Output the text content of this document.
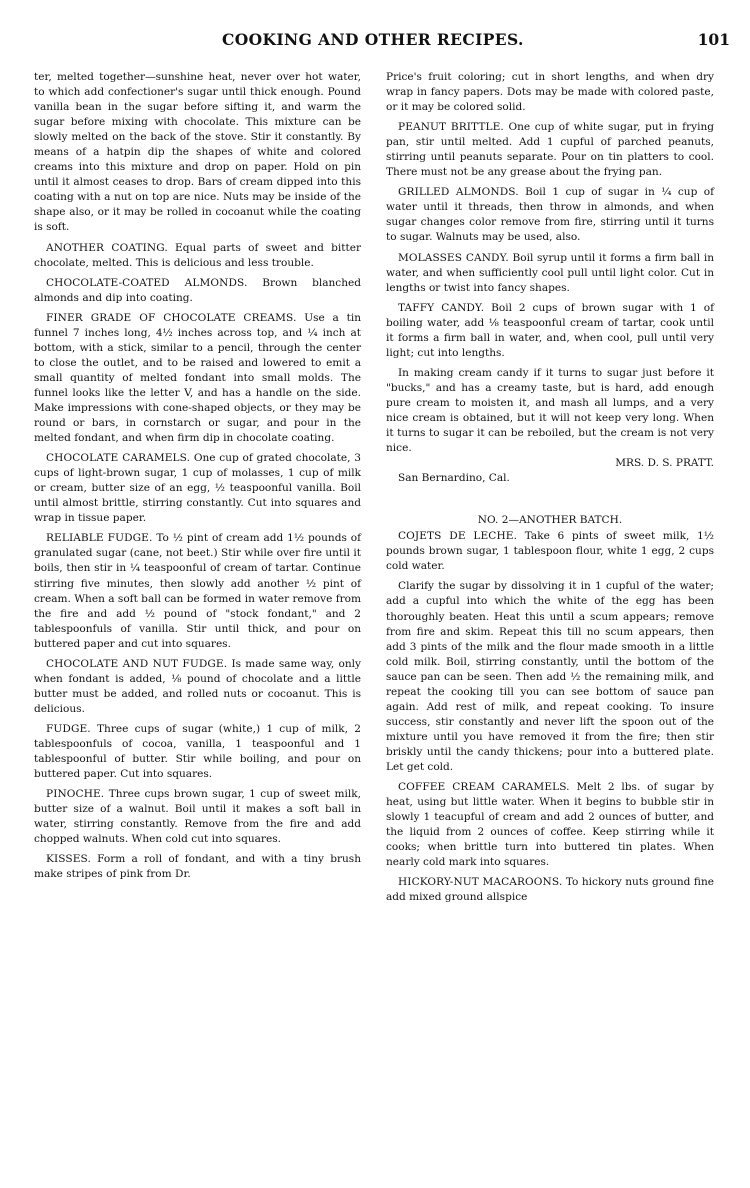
COOKING AND OTHER RECIPES.	101

ter, melted together—sunshine heat, never over hot water, to which add confectioner's sugar until thick enough. Pound vanilla bean in the sugar before sifting it, and warm the sugar before mixing with chocolate. This mixture can be slowly melted on the back of the stove. Stir it constantly. By means of a hatpin dip the shapes of white and colored creams into this mixture and drop on paper. Hold on pin until it almost ceases to drop. Bars of cream dipped into this coating with a nut on top are nice. Nuts may be inside of the shape also, or it may be rolled in cocoanut while the coating is soft.

ANOTHER COATING. Equal parts of sweet and bitter chocolate, melted. This is delicious and less trouble.

CHOCOLATE-COATED ALMONDS. Brown blanched almonds and dip into coating.

FINER GRADE OF CHOCOLATE CREAMS. Use a tin funnel 7 inches long, 4½ inches across top, and ¼ inch at bottom, with a stick, similar to a pencil, through the center to close the outlet, and to be raised and lowered to emit a small quantity of melted fondant into small molds. The funnel looks like the letter V, and has a handle on the side. Make impressions with cone-shaped objects, or they may be round or bars, in cornstarch or sugar, and pour in the melted fondant, and when firm dip in chocolate coating.

CHOCOLATE CARAMELS. One cup of grated chocolate, 3 cups of light-brown sugar, 1 cup of molasses, 1 cup of milk or cream, butter size of an egg, ½ teaspoonful vanilla. Boil until almost brittle, stirring constantly. Cut into squares and wrap in tissue paper.

RELIABLE FUDGE. To ½ pint of cream add 1½ pounds of granulated sugar (cane, not beet.) Stir while over fire until it boils, then stir in ¼ teaspoonful of cream of tartar. Continue stirring five minutes, then slowly add another ½ pint of cream. When a soft ball can be formed in water remove from the fire and add ½ pound of "stock fondant," and 2 tablespoonfuls of vanilla. Stir until thick, and pour on buttered paper and cut into squares.

CHOCOLATE AND NUT FUDGE. Is made same way, only when fondant is added, ⅛ pound of chocolate and a little butter must be added, and rolled nuts or cocoanut. This is delicious.

FUDGE. Three cups of sugar (white,) 1 cup of milk, 2 tablespoonfuls of cocoa, vanilla, 1 teaspoonful and 1 tablespoonful of butter. Stir while boiling, and pour on buttered paper. Cut into squares.

PINOCHE. Three cups brown sugar, 1 cup of sweet milk, butter size of a walnut. Boil until it makes a soft ball in water, stirring constantly. Remove from the fire and add chopped walnuts. When cold cut into squares.

KISSES. Form a roll of fondant, and with a tiny brush make stripes of pink from Dr.

Price's fruit coloring; cut in short lengths, and when dry wrap in fancy papers. Dots may be made with colored paste, or it may be colored solid.

PEANUT BRITTLE. One cup of white sugar, put in frying pan, stir until melted. Add 1 cupful of parched peanuts, stirring until peanuts separate. Pour on tin platters to cool. There must not be any grease about the frying pan.

GRILLED ALMONDS. Boil 1 cup of sugar in ¼ cup of water until it threads, then throw in almonds, and when sugar changes color remove from fire, stirring until it turns to sugar. Walnuts may be used, also.

MOLASSES CANDY. Boil syrup until it forms a firm ball in water, and when sufficiently cool pull until light color. Cut in lengths or twist into fancy shapes.

TAFFY CANDY. Boil 2 cups of brown sugar with 1 of boiling water, add ⅛ teaspoonful cream of tartar, cook until it forms a firm ball in water, and, when cool, pull until very light; cut into lengths.

In making cream candy if it turns to sugar just before it "bucks," and has a creamy taste, but is hard, add enough pure cream to moisten it, and mash all lumps, and a very nice cream is obtained, but it will not keep very long. When it turns to sugar it can be reboiled, but the cream is not very nice.

MRS. D. S. PRATT.

San Bernardino, Cal.

NO. 2—ANOTHER BATCH.

COJETS DE LECHE. Take 6 pints of sweet milk, 1½ pounds brown sugar, 1 tablespoon flour, white 1 egg, 2 cups cold water.

Clarify the sugar by dissolving it in 1 cupful of the water; add a cupful into which the white of the egg has been thoroughly beaten. Heat this until a scum appears; remove from fire and skim. Repeat this till no scum appears, then add 3 pints of the milk and the flour made smooth in a little cold milk. Boil, stirring constantly, until the bottom of the sauce pan can be seen. Then add ½ the remaining milk, and repeat the cooking till you can see bottom of sauce pan again. Add rest of milk, and repeat cooking. To insure success, stir constantly and never lift the spoon out of the mixture until you have removed it from the fire; then stir briskly until the candy thickens; pour into a buttered plate. Let get cold.

COFFEE CREAM CARAMELS. Melt 2 lbs. of sugar by heat, using but little water. When it begins to bubble stir in slowly 1 teacupful of cream and add 2 ounces of butter, and the liquid from 2 ounces of coffee. Keep stirring while it cooks; when brittle turn into buttered tin plates. When nearly cold mark into squares.

HICKORY-NUT MACAROONS. To hickory nuts ground fine add mixed ground allspice
